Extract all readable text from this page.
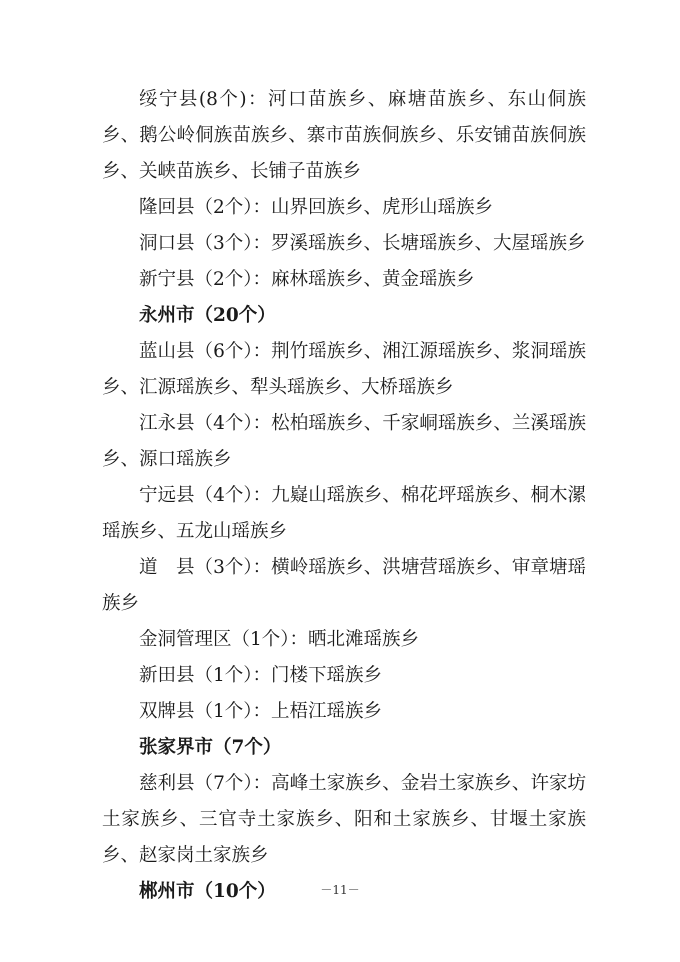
绥宁县(8个)：河口苗族乡、麻塘苗族乡、东山侗族乡、鹅公岭侗族苗族乡、寨市苗族侗族乡、乐安铺苗族侗族乡、关峡苗族乡、长铺子苗族乡

隆回县（2个）：山界回族乡、虎形山瑶族乡

洞口县（3个）：罗溪瑶族乡、长塘瑶族乡、大屋瑶族乡

新宁县（2个）：麻林瑶族乡、黄金瑶族乡

永州市（20个）

蓝山县（6个）：荆竹瑶族乡、湘江源瑶族乡、浆洞瑶族乡、汇源瑶族乡、犁头瑶族乡、大桥瑶族乡

江永县（4个）：松柏瑶族乡、千家峒瑶族乡、兰溪瑶族乡、源口瑶族乡

宁远县（4个）：九嶷山瑶族乡、棉花坪瑶族乡、桐木漯瑶族乡、五龙山瑶族乡

道　县（3个）：横岭瑶族乡、洪塘营瑶族乡、审章塘瑶族乡

金洞管理区（1个）：晒北滩瑶族乡

新田县（1个）：门楼下瑶族乡

双牌县（1个）：上梧江瑶族乡

张家界市（7个）

慈利县（7个）：高峰土家族乡、金岩土家族乡、许家坊土家族乡、三官寺土家族乡、阳和土家族乡、甘堰土家族乡、赵家岗土家族乡

郴州市（10个）	－11－
